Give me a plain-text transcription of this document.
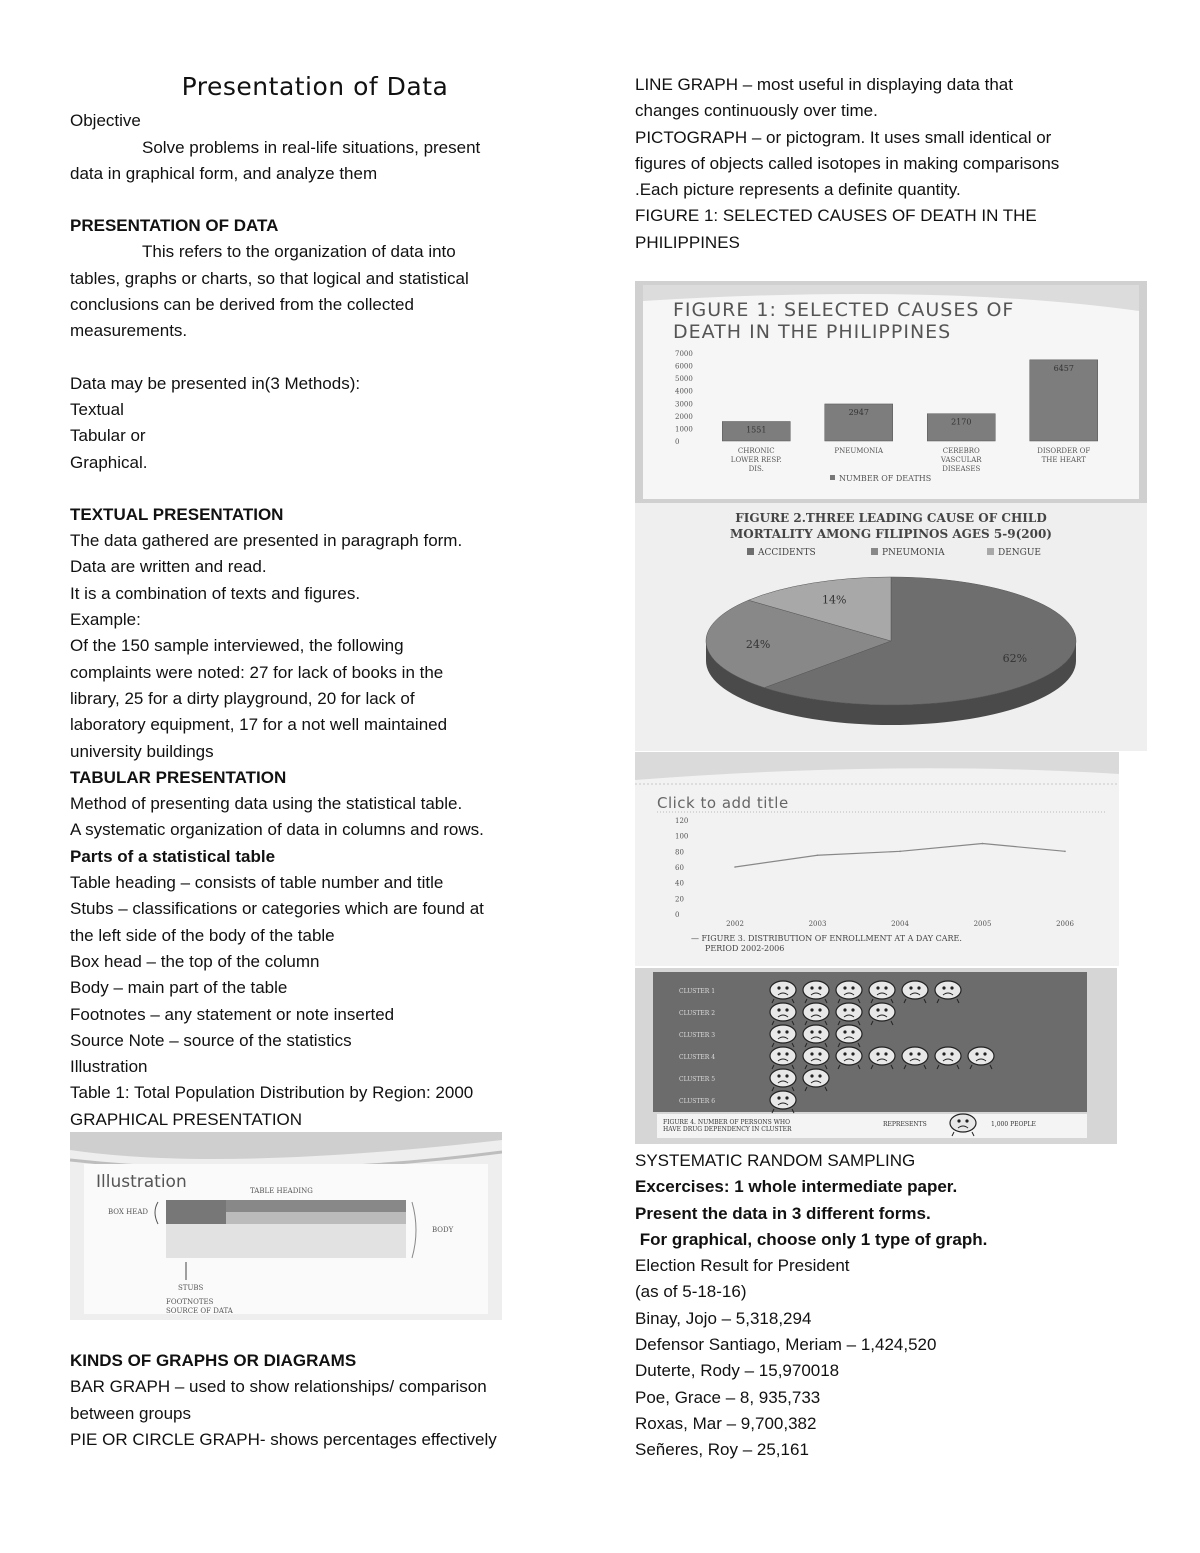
Presentation of Data

Objective

Solve problems in real-life situations, present

data in graphical form, and analyze them

PRESENTATION OF DATA

This refers to the organization of data into

tables, graphs or charts, so that logical and statistical

conclusions can be derived from the collected

measurements.

Data may be presented in(3 Methods):

Textual

Tabular or

Graphical.

TEXTUAL PRESENTATION

The data gathered are presented in paragraph form.

Data are written and read.

It is a combination of texts and figures.

Example:

Of the 150 sample interviewed, the following

complaints were noted: 27 for lack of books in the

library, 25 for a dirty playground, 20 for lack of

laboratory equipment, 17 for a not well maintained

university buildings

TABULAR PRESENTATION

Method of presenting data using the statistical table.

A systematic organization of data in columns and rows.

Parts of a statistical table

Table heading – consists of table number and title

Stubs – classifications or categories which are found at

the left side of the body of the table

Box head – the top of the column

Body – main part of the table

Footnotes – any statement or note inserted

Source Note – source of the statistics

Illustration

Table 1: Total Population Distribution by Region: 2000

GRAPHICAL PRESENTATION

Illustration	TABLE HEADING
BOX HEAD
BODY
STUBS
FOOTNOTES
SOURCE OF DATA

KINDS OF GRAPHS OR DIAGRAMS

BAR GRAPH – used to show relationships/ comparison

between groups

PIE OR CIRCLE GRAPH- shows percentages effectively

LINE GRAPH – most useful in displaying data that

changes continuously over time.

PICTOGRAPH – or pictogram. It uses small identical or

figures of objects called isotopes in making comparisons

.Each picture represents a definite quantity.

FIGURE 1: SELECTED CAUSES OF DEATH IN THE

PHILIPPINES

FIGURE 1: SELECTED CAUSES OF
DEATH IN THE PHILIPPINES
7000
6000
5000
4000
3000
2000
1000
0
1551
2947
2170
6457
CHRONIC LOWER RESP. DIS.
PNEUMONIA	CEREBRO VASCULAR DISEASES
DISORDER OF THE HEART
NUMBER OF DEATHS
FIGURE 2.THREE LEADING CAUSE OF CHILD
MORTALITY AMONG FILIPINOS AGES 5-9(200)
ACCIDENTS	PNEUMONIA	DENGUE
62%
24%
14%
Click to add title
120
100
80
60
40
20
0
2002	2003	2004	2005	2006
— FIGURE 3. DISTRIBUTION OF ENROLLMENT AT A DAY CARE.
PERIOD 2002-2006
CLUSTER 1
CLUSTER 2
CLUSTER 3
CLUSTER 4
CLUSTER 5
CLUSTER 6
FIGURE 4. NUMBER OF PERSONS WHO
HAVE DRUG DEPENDENCY IN CLUSTER
REPRESENTS	1,000 PEOPLE

SYSTEMATIC RANDOM SAMPLING

Excercises: 1 whole intermediate paper.

Present the data in 3 different forms.

For graphical, choose only 1 type of graph.

Election Result for President

(as of 5-18-16)

Binay, Jojo – 5,318,294

Defensor Santiago, Meriam – 1,424,520

Duterte, Rody – 15,970018

Poe, Grace – 8, 935,733

Roxas, Mar – 9,700,382

Señeres, Roy – 25,161
